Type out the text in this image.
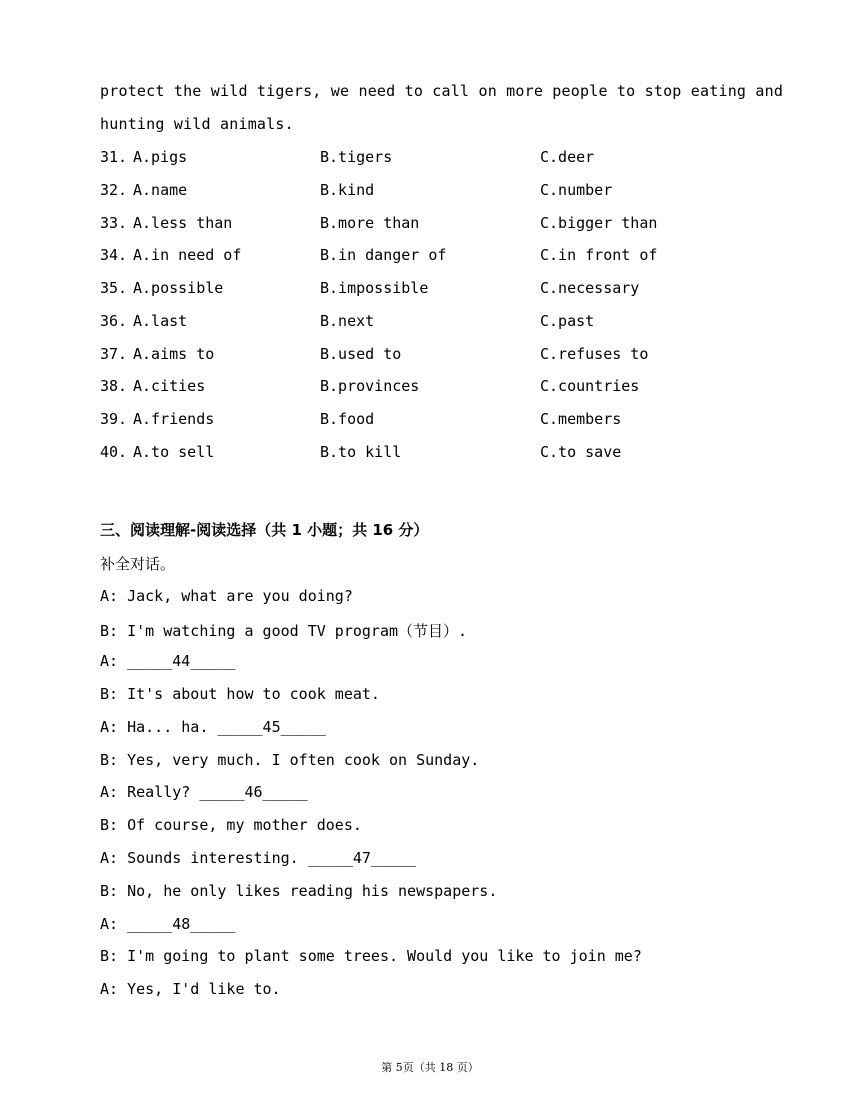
protect the wild tigers, we need to call on more people to stop eating and
hunting wild animals.
31. A.pigs	B.tigers	C.deer
32. A.name	B.kind	C.number
33. A.less than	B.more than	C.bigger than
34. A.in need of	B.in danger of	C.in front of
35. A.possible	B.impossible	C.necessary
36. A.last	B.next	C.past
37. A.aims to	B.used to	C.refuses to
38. A.cities	B.provinces	C.countries
39. A.friends	B.food	C.members
40. A.to sell	B.to kill	C.to save
三、阅读理解-阅读选择（共 1 小题；共 16 分）
补全对话。
A: Jack, what are you doing?
B: I'm watching a good TV program（节目）.
A: _____44_____
B: It's about how to cook meat.
A: Ha... ha. _____45_____
B: Yes, very much. I often cook on Sunday.
A: Really? _____46_____
B: Of course, my mother does.
A: Sounds interesting. _____47_____
B: No, he only likes reading his newspapers.
A: _____48_____
B: I'm going to plant some trees. Would you like to join me?
A: Yes, I'd like to.
第 5页（共 18 页）
